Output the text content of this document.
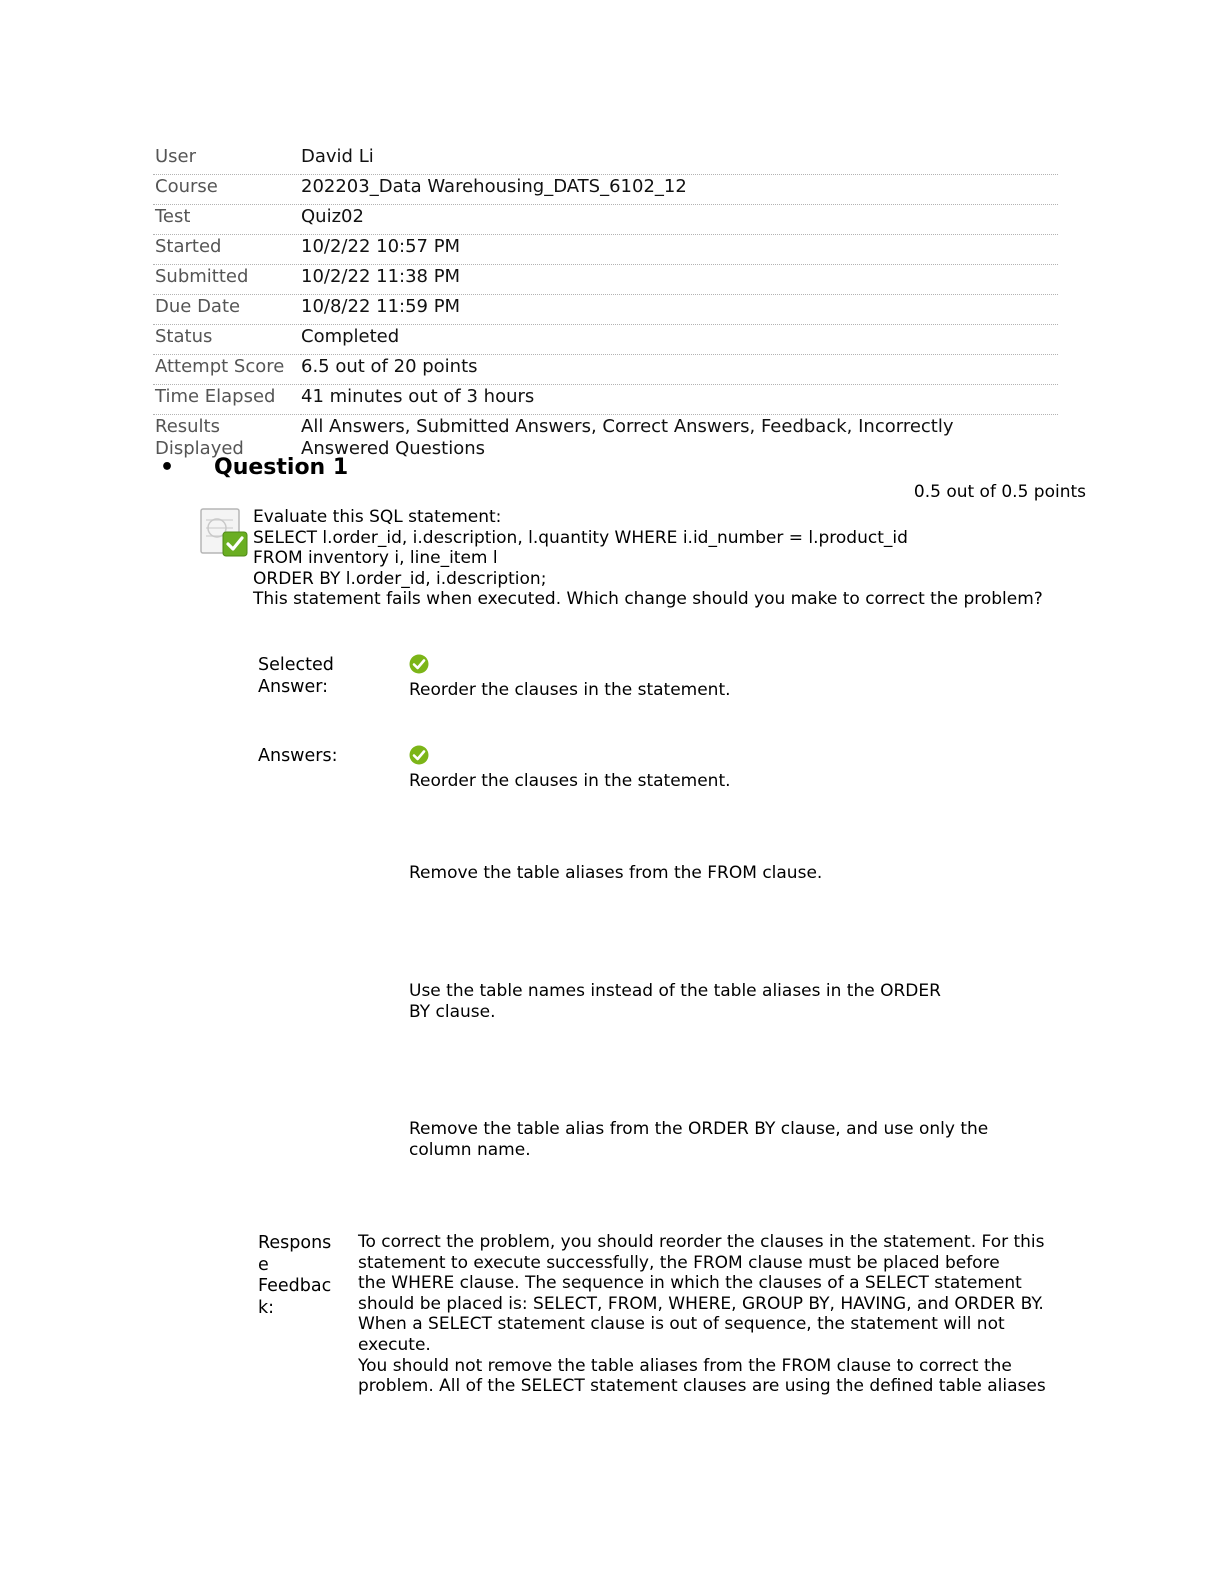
User	David Li
Course	202203_Data Warehousing_DATS_6102_12
Test	Quiz02
Started	10/2/22 10:57 PM
Submitted	10/2/22 11:38 PM
Due Date	10/8/22 11:59 PM
Status	Completed
Attempt Score	6.5 out of 20 points
Time Elapsed	41 minutes out of 3 hours
Results
Displayed	All Answers, Submitted Answers, Correct Answers, Feedback, Incorrectly
Answered Questions
• Question 1
0.5 out of 0.5 points
Evaluate this SQL statement:
SELECT l.order_id, i.description, l.quantity WHERE i.id_number = l.product_id
FROM inventory i, line_item l
ORDER BY l.order_id, i.description;
This statement fails when executed. Which change should you make to correct the problem?
Selected
Answer:	Reorder the clauses in the statement.
Answers:
Reorder the clauses in the statement.
Remove the table aliases from the FROM clause.
Use the table names instead of the table aliases in the ORDER
BY clause.
Remove the table alias from the ORDER BY clause, and use only the
column name.
Respons
e
Feedbac
k:
To correct the problem, you should reorder the clauses in the statement. For this
statement to execute successfully, the FROM clause must be placed before
the WHERE clause. The sequence in which the clauses of a SELECT statement
should be placed is: SELECT, FROM, WHERE, GROUP BY, HAVING, and ORDER BY.
When a SELECT statement clause is out of sequence, the statement will not
execute.
You should not remove the table aliases from the FROM clause to correct the
problem. All of the SELECT statement clauses are using the defined table aliases
